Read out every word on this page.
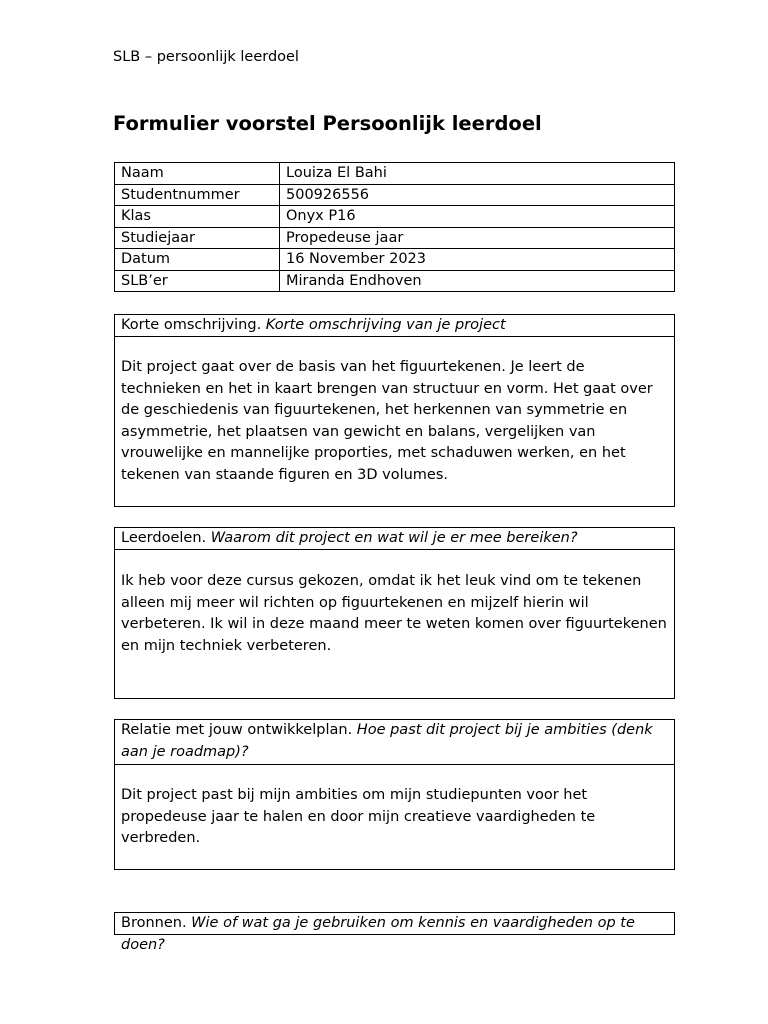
SLB – persoonlijk leerdoel
Formulier voorstel Persoonlijk leerdoel
Naam	Louiza El Bahi
Studentnummer	500926556
Klas	Onyx P16
Studiejaar	Propedeuse jaar
Datum	16 November 2023
SLB’er	Miranda Endhoven
Korte omschrijving. Korte omschrijving van je project
Dit project gaat over de basis van het figuurtekenen. Je leert de technieken en het in kaart brengen van structuur en vorm. Het gaat over de geschiedenis van figuurtekenen, het herkennen van symmetrie en asymmetrie, het plaatsen van gewicht en balans, vergelijken van vrouwelijke en mannelijke proporties, met schaduwen werken, en het tekenen van staande figuren en 3D volumes.
Leerdoelen. Waarom dit project en wat wil je er mee bereiken?
Ik heb voor deze cursus gekozen, omdat ik het leuk vind om te tekenen alleen mij meer wil richten op figuurtekenen en mijzelf hierin wil verbeteren. Ik wil in deze maand meer te weten komen over figuurtekenen en mijn techniek verbeteren.
Relatie met jouw ontwikkelplan. Hoe past dit project bij je ambities (denk aan je roadmap)?
Dit project past bij mijn ambities om mijn studiepunten voor het propedeuse jaar te halen en door mijn creatieve vaardigheden te verbreden.
Bronnen. Wie of wat ga je gebruiken om kennis en vaardigheden op te doen?
